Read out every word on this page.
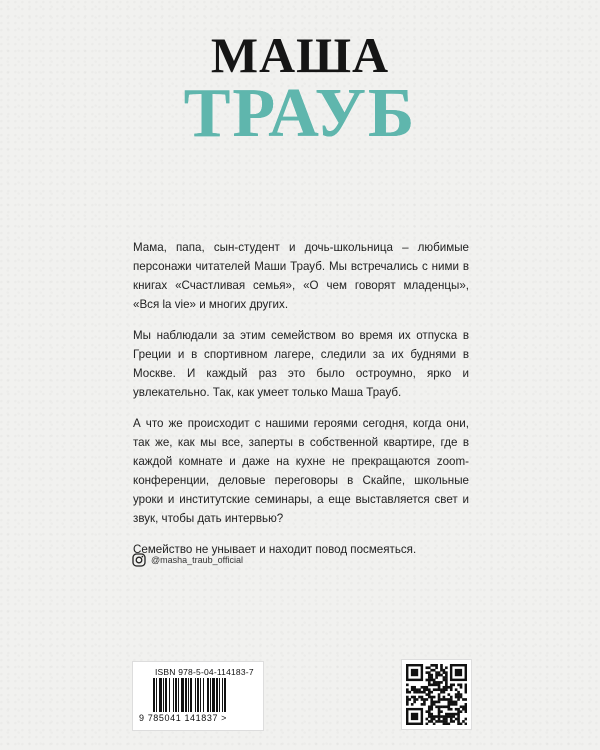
МАША
ТРАУБ

Мама, папа, сын-студент и дочь-школьница – любимые персонажи читателей Маши Трауб. Мы встречались с ними в книгах «Счастливая семья», «О чем говорят младенцы», «Вся la vie» и многих других.

Мы наблюдали за этим семейством во время их отпуска в Греции и в спортивном лагере, следили за их буднями в Москве. И каждый раз это было остроумно, ярко и увлекательно. Так, как умеет только Маша Трауб.

А что же происходит с нашими героями сегодня, когда они, так же, как мы все, заперты в собственной квартире, где в каждой комнате и даже на кухне не прекращаются zoom-конференции, деловые переговоры в Скайпе, школьные уроки и институтские семинары, а еще выставляется свет и звук, чтобы дать интервью?

Семейство не унывает и находит повод посмеяться.

@masha_traub_official
ISBN 978-5-04-114183-7
9 785041 141837 >
